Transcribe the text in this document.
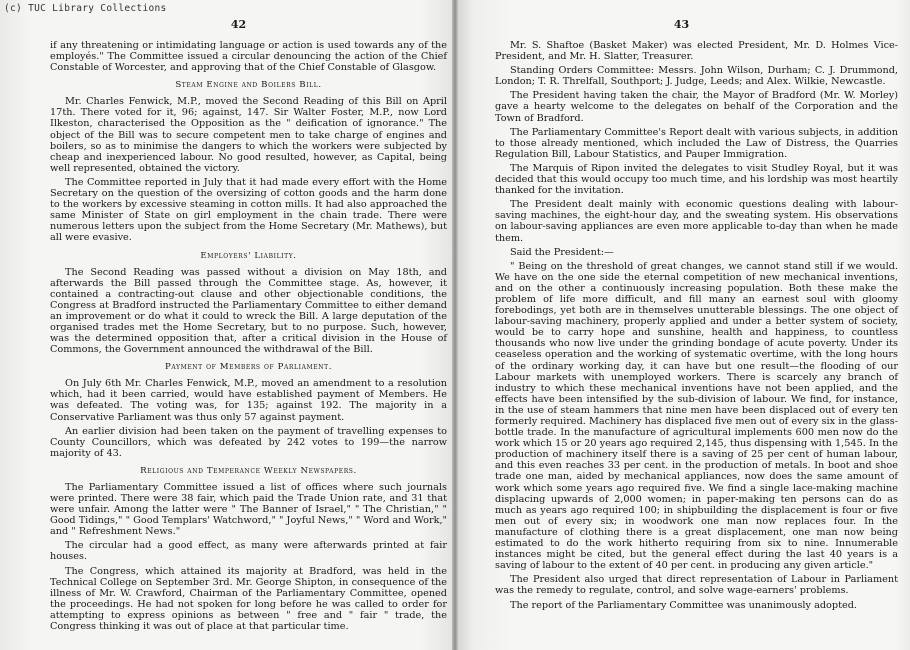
(c) TUC Library Collections
42

if any threatening or intimidating language or action is used towards any of the employés." The Committee issued a circular denouncing the action of the Chief Constable of Worcester, and approving that of the Chief Constable of Glasgow.

Steam Engine and Boilers Bill.

Mr. Charles Fenwick, M.P., moved the Second Reading of this Bill on April 17th. There voted for it, 96; against, 147. Sir Walter Foster, M.P., now Lord Ilkeston, characterised the Opposition as the " deification of ignorance." The object of the Bill was to secure competent men to take charge of engines and boilers, so as to minimise the dangers to which the workers were subjected by cheap and inexperienced labour. No good resulted, however, as Capital, being well represented, obtained the victory.

The Committee reported in July that it had made every effort with the Home Secretary on the question of the oversizing of cotton goods and the harm done to the workers by excessive steaming in cotton mills. It had also approached the same Minister of State on girl employment in the chain trade. There were numerous letters upon the subject from the Home Secretary (Mr. Mathews), but all were evasive.

Employers' Liability.

The Second Reading was passed without a division on May 18th, and afterwards the Bill passed through the Committee stage. As, however, it contained a contracting-out clause and other objectionable conditions, the Congress at Bradford instructed the Parliamentary Committee to either demand an improvement or do what it could to wreck the Bill. A large deputation of the organised trades met the Home Secretary, but to no purpose. Such, however, was the determined opposition that, after a critical division in the House of Commons, the Government announced the withdrawal of the Bill.

Payment of Members of Parliament.

On July 6th Mr. Charles Fenwick, M.P., moved an amendment to a resolution which, had it been carried, would have established payment of Members. He was defeated. The voting was, for 135; against 192. The majority in a Conservative Parliament was thus only 57 against payment.

An earlier division had been taken on the payment of travelling expenses to County Councillors, which was defeated by 242 votes to 199—the narrow majority of 43.

Religious and Temperance Weekly Newspapers.

The Parliamentary Committee issued a list of offices where such journals were printed. There were 38 fair, which paid the Trade Union rate, and 31 that were unfair. Among the latter were " The Banner of Israel," " The Christian," " Good Tidings," " Good Templars' Watchword," " Joyful News," " Word and Work," and " Refreshment News."

The circular had a good effect, as many were afterwards printed at fair houses.

The Congress, which attained its majority at Bradford, was held in the Technical College on September 3rd. Mr. George Shipton, in consequence of the illness of Mr. W. Crawford, Chairman of the Parliamentary Committee, opened the proceedings. He had not spoken for long before he was called to order for attempting to express opinions as between " free and " fair " trade, the Congress thinking it was out of place at that particular time.

43

Mr. S. Shaftoe (Basket Maker) was elected President, Mr. D. Holmes Vice-President, and Mr. H. Slatter, Treasurer.

Standing Orders Committee: Messrs. John Wilson, Durham; C. J. Drummond, London; T. R. Threlfall, Southport; J. Judge, Leeds; and Alex. Wilkie, Newcastle.

The President having taken the chair, the Mayor of Bradford (Mr. W. Morley) gave a hearty welcome to the delegates on behalf of the Corporation and the Town of Bradford.

The Parliamentary Committee's Report dealt with various subjects, in addition to those already mentioned, which included the Law of Distress, the Quarries Regulation Bill, Labour Statistics, and Pauper Immigration.

The Marquis of Ripon invited the delegates to visit Studley Royal, but it was decided that this would occupy too much time, and his lordship was most heartily thanked for the invitation.

The President dealt mainly with economic questions dealing with labour-saving machines, the eight-hour day, and the sweating system. His observations on labour-saving appliances are even more applicable to-day than when he made them.

Said the President:—

" Being on the threshold of great changes, we cannot stand still if we would. We have on the one side the eternal competition of new mechanical inventions, and on the other a continuously increasing population. Both these make the problem of life more difficult, and fill many an earnest soul with gloomy forebodings, yet both are in themselves unutterable blessings. The one object of labour-saving machinery, properly applied and under a better system of society, would be to carry hope and sunshine, health and happiness, to countless thousands who now live under the grinding bondage of acute poverty. Under its ceaseless operation and the working of systematic overtime, with the long hours of the ordinary working day, it can have but one result—the flooding of our Labour markets with unemployed workers. There is scarcely any branch of industry to which these mechanical inventions have not been applied, and the effects have been intensified by the sub-division of labour. We find, for instance, in the use of steam hammers that nine men have been displaced out of every ten formerly required. Machinery has displaced five men out of every six in the glass-bottle trade. In the manufacture of agricultural implements 600 men now do the work which 15 or 20 years ago required 2,145, thus dispensing with 1,545. In the production of machinery itself there is a saving of 25 per cent of human labour, and this even reaches 33 per cent. in the production of metals. In boot and shoe trade one man, aided by mechanical appliances, now does the same amount of work which some years ago required five. We find a single lace-making machine displacing upwards of 2,000 women; in paper-making ten persons can do as much as years ago required 100; in shipbuilding the displacement is four or five men out of every six; in woodwork one man now replaces four. In the manufacture of clothing there is a great displacement, one man now being estimated to do the work hitherto requiring from six to nine. Innumerable instances might be cited, but the general effect during the last 40 years is a saving of labour to the extent of 40 per cent. in producing any given article."

The President also urged that direct representation of Labour in Parliament was the remedy to regulate, control, and solve wage-earners' problems.

The report of the Parliamentary Committee was unanimously adopted.
